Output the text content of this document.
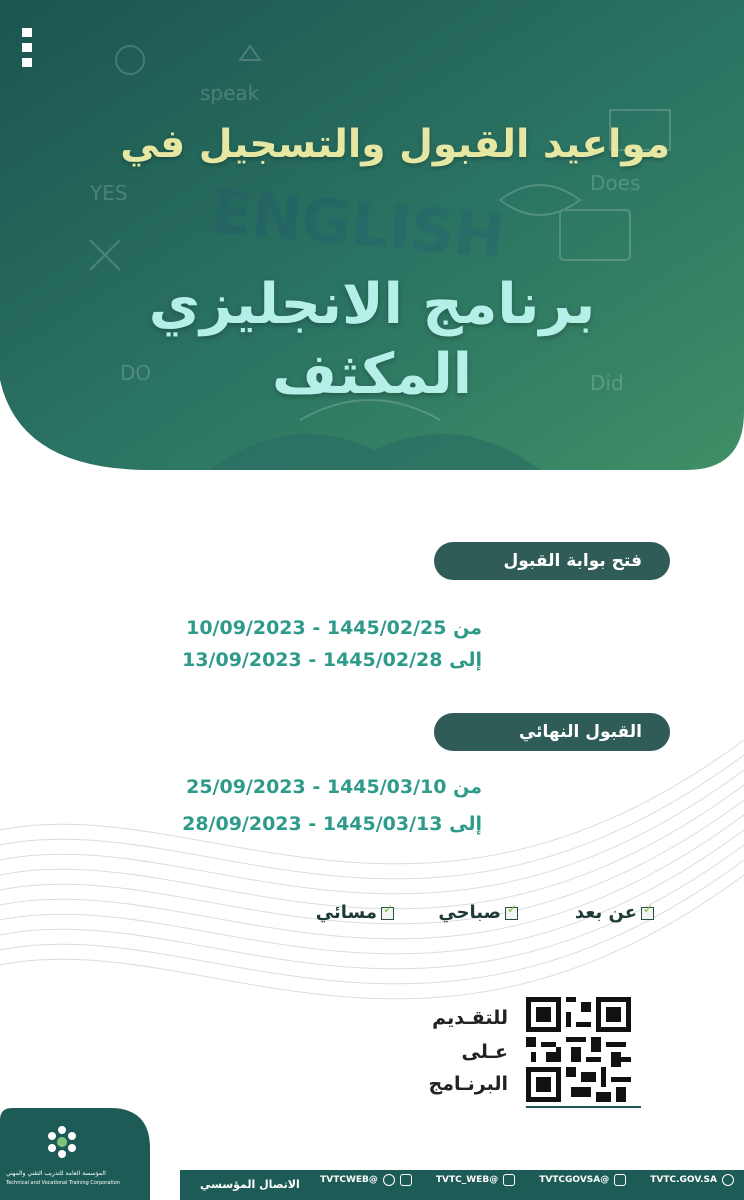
ENGLISH
speak
Does
Did
YES
DO
مواعيد القبول والتسجيل في
برنامج الانجليزي
المكثف
فتح بوابة القبول
من 1445/02/25 - 10/09/2023
إلى 1445/02/28 - 13/09/2023
القبول النهائي
من 1445/03/10 - 25/09/2023
إلى 1445/03/13 - 28/09/2023
✓عن بعد
✓صباحي
✓مسائي
للتقـديم
عـلى
البرنـامج
المؤسسة العامة للتدريب التقني والمهني
Technical and Vocational Training Corporation	الاتصال المؤسسي	TVTC.GOV.SA
@TVTCGOVSA
@TVTC_WEB
@TVTCWEB
